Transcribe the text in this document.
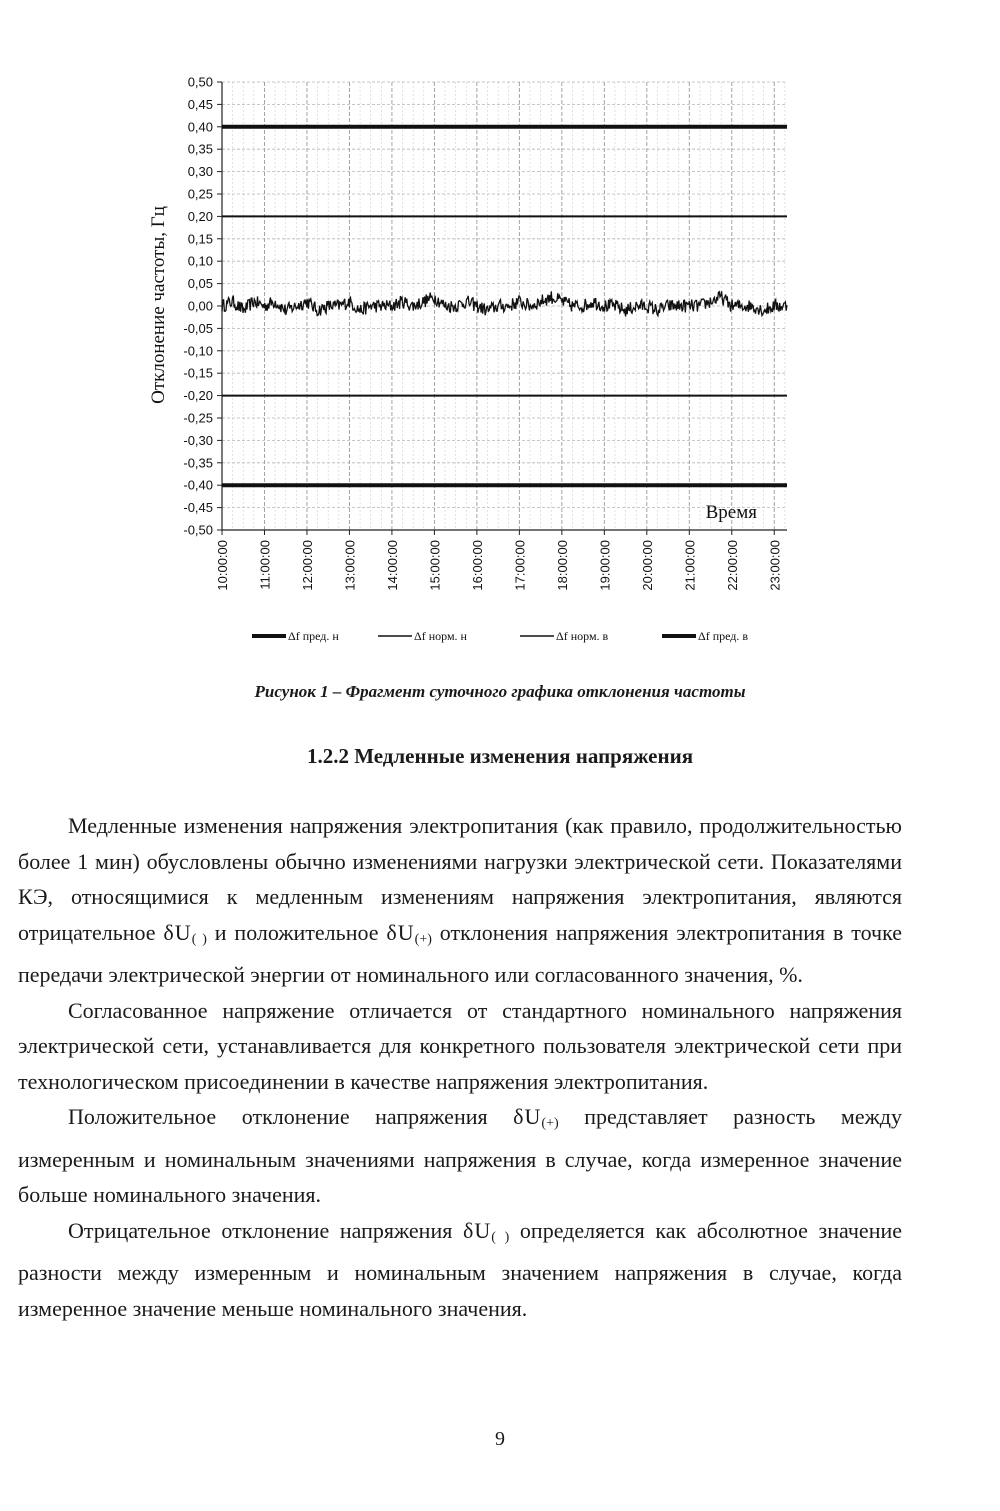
0,50
0,45
0,40
0,35
0,30
0,25
0,20
0,15
0,10
0,05
0,00
-0,05
-0,10
-0,15
-0,20
-0,25
-0,30
-0,35
-0,40
-0,45
-0,50
10:00:00 11:00:00 12:00:00 13:00:00 14:00:00 15:00:00 16:00:00 17:00:00 18:00:00 19:00:00 20:00:00 21:00:00 22:00:00 23:00:00
Отклонение частоты, Гц
Время
Δf пред. н	Δf норм. н	Δf норм. в	Δf пред. в
Рисунок 1 – Фрагмент суточного графика отклонения частоты
1.2.2 Медленные изменения напряжения

Медленные изменения напряжения электропитания (как правило, продолжительностью более 1 мин) обусловлены обычно изменениями нагрузки электрической сети. Показателями КЭ, относящимися к медленным изменениям напряжения электропитания, являются отрицательное $\delta U_{( )}$ и положительное $\delta U_{(+)}$ отклонения напряжения электропитания в точке передачи электрической энергии от номинального или согласованного значения, %.

Согласованное напряжение отличается от стандартного номинального напряжения электрической сети, устанавливается для конкретного пользователя электрической сети при технологическом присоединении в качестве напряжения электропитания.

Положительное отклонение напряжения $\delta U_{(+)}$ представляет разность между измеренным и номинальным значениями напряжения в случае, когда измеренное значение больше номинального значения.

Отрицательное отклонение напряжения $\delta U_{( )}$ определяется как абсолютное значение разности между измеренным и номинальным значением напряжения в случае, когда измеренное значение меньше номинального значения.

9
